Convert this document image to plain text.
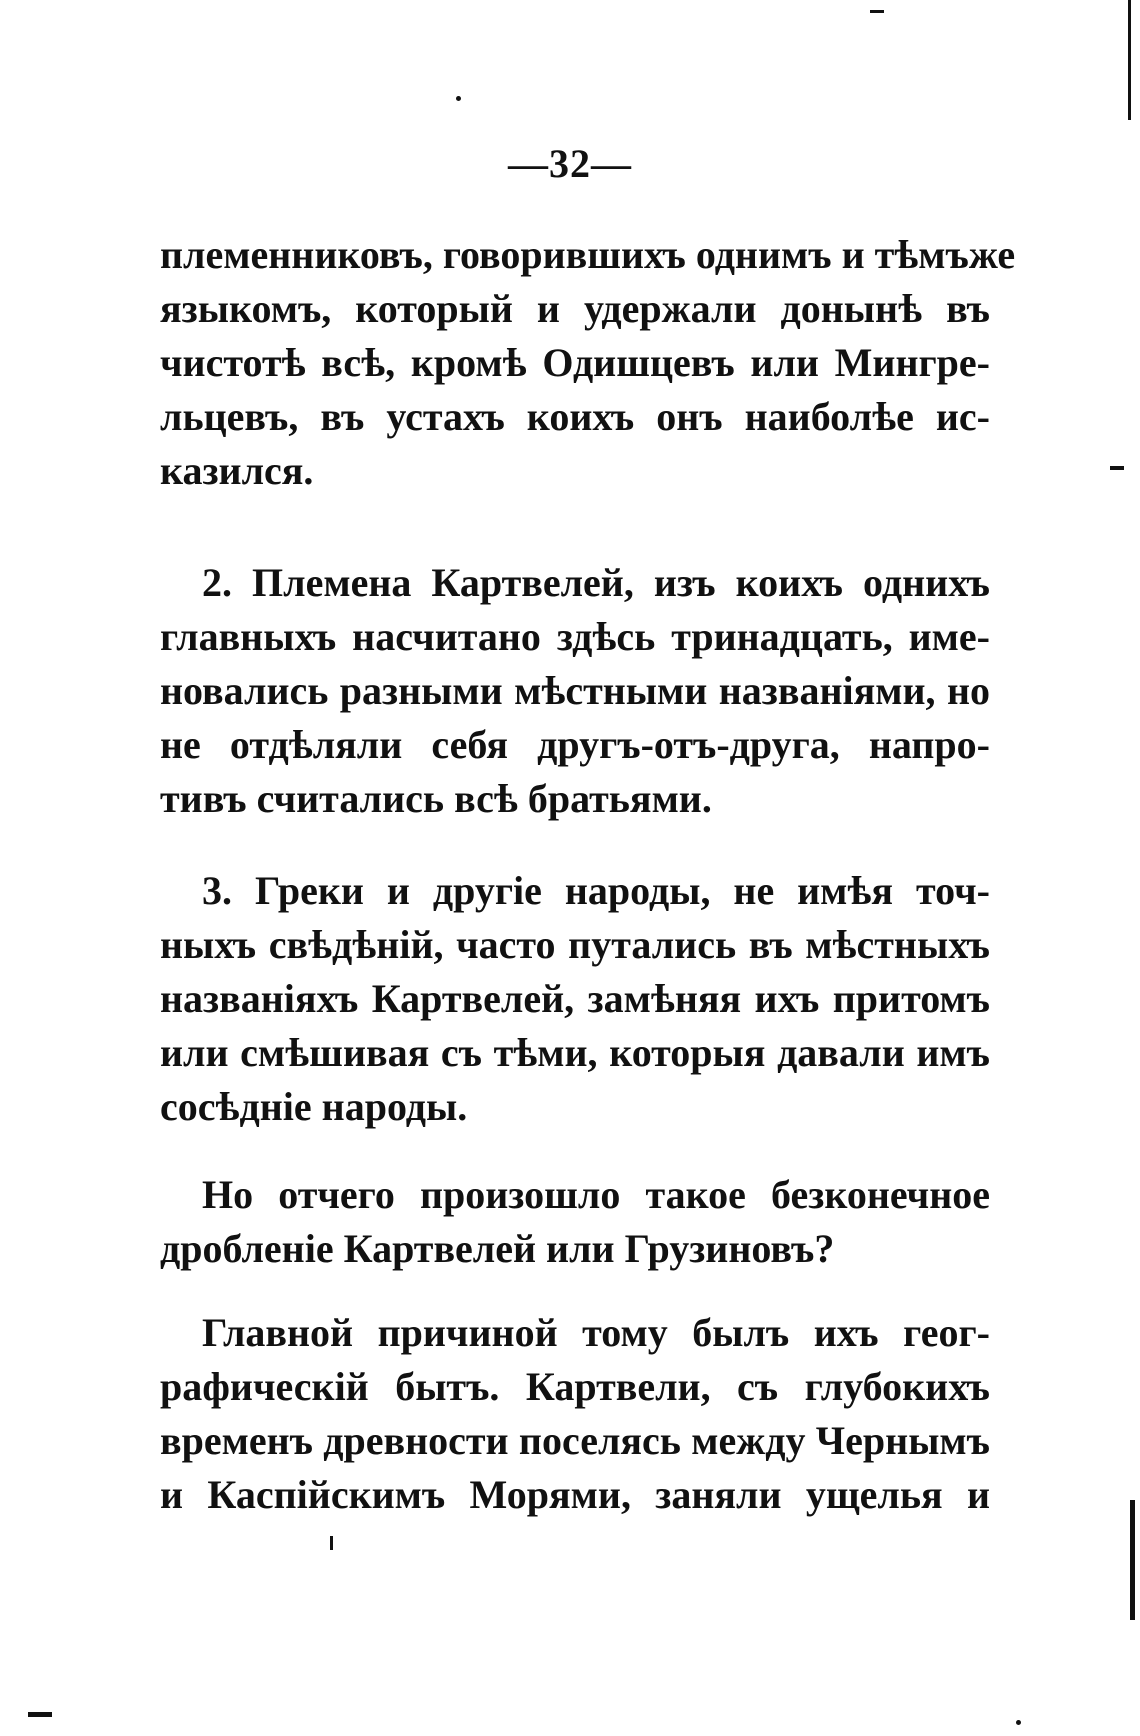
—32—
племенниковъ, говорившихъ однимъ и тѣмъже
языкомъ, который и удержали донынѣ въ
чистотѣ всѣ, кромѣ Одишцевъ или Мингре-
льцевъ, въ устахъ коихъ онъ наиболѣе ис-
казился.
2. Племена Картвелей, изъ коихъ однихъ
главныхъ насчитано здѣсь тринадцать, име-
новались разными мѣстными названіями, но
не отдѣляли себя другъ-отъ-друга, напро-
тивъ считались всѣ братьями.
3. Греки и другіе народы, не имѣя точ-
ныхъ свѣдѣній, часто путались въ мѣстныхъ
названіяхъ Картвелей, замѣняя ихъ притомъ
или смѣшивая съ тѣми, которыя давали имъ
сосѣдніе народы.
Но отчего произошло такое безконечное
дробленіе Картвелей или Грузиновъ?
Главной причиной тому былъ ихъ геог-
рафическій бытъ. Картвели, съ глубокихъ
временъ древности поселясь между Чернымъ
и Каспійскимъ Морями, заняли ущелья и
